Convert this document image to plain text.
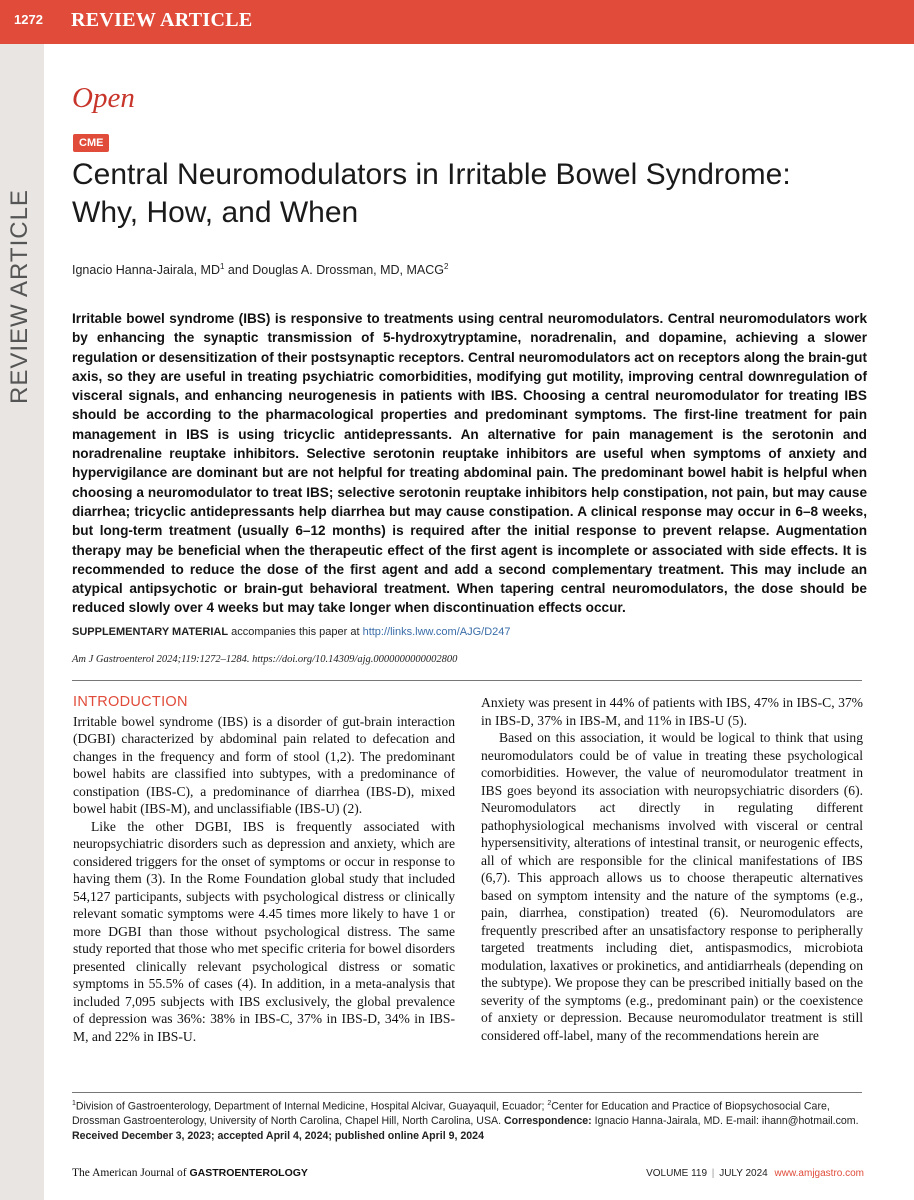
1272 REVIEW ARTICLE
REVIEW ARTICLE
Open
CME
Central Neuromodulators in Irritable Bowel Syndrome:
Why, How, and When
Ignacio Hanna-Jairala, $MD^1$ and Douglas A. Drossman, MD, MACG$^2$

Irritable bowel syndrome (IBS) is responsive to treatments using central neuromodulators. Central neuromodulators work by enhancing the synaptic transmission of 5-hydroxytryptamine, noradrenalin, and dopamine, achieving a slower regulation or desensitization of their postsynaptic receptors. Central neuromodulators act on receptors along the brain-gut axis, so they are useful in treating psychiatric comorbidities, modifying gut motility, improving central downregulation of visceral signals, and enhancing neurogenesis in patients with IBS. Choosing a central neuromodulator for treating IBS should be according to the pharmacological properties and predominant symptoms. The first-line treatment for pain management in IBS is using tricyclic antidepressants. An alternative for pain management is the serotonin and noradrenaline reuptake inhibitors. Selective serotonin reuptake inhibitors are useful when symptoms of anxiety and hypervigilance are dominant but are not helpful for treating abdominal pain. The predominant bowel habit is helpful when choosing a neuromodulator to treat IBS; selective serotonin reuptake inhibitors help constipation, not pain, but may cause diarrhea; tricyclic antidepressants help diarrhea but may cause constipation. A clinical response may occur in 6–8 weeks, but long-term treatment (usually 6–12 months) is required after the initial response to prevent relapse. Augmentation therapy may be beneficial when the therapeutic effect of the first agent is incomplete or associated with side effects. It is recommended to reduce the dose of the first agent and add a second complementary treatment. This may include an atypical antipsychotic or brain-gut behavioral treatment. When tapering central neuromodulators, the dose should be reduced slowly over 4 weeks but may take longer when discontinuation effects occur.

SUPPLEMENTARY MATERIAL accompanies this paper at http://links.lww.com/AJG/D247
Am J Gastroenterol 2024;119:1272–1284. https://doi.org/10.14309/ajg.0000000000002800
INTRODUCTION

Irritable bowel syndrome (IBS) is a disorder of gut-brain interaction (DGBI) characterized by abdominal pain related to defecation and changes in the frequency and form of stool (1,2). The predominant bowel habits are classified into subtypes, with a predominance of constipation (IBS-C), a predominance of diarrhea (IBS-D), mixed bowel habit (IBS-M), and unclassifiable (IBS-U) (2).

Like the other DGBI, IBS is frequently associated with neuropsychiatric disorders such as depression and anxiety, which are considered triggers for the onset of symptoms or occur in response to having them (3). In the Rome Foundation global study that included 54,127 participants, subjects with psychological distress or clinically relevant somatic symptoms were 4.45 times more likely to have 1 or more DGBI than those without psychological distress. The same study reported that those who met specific criteria for bowel disorders presented clinically relevant psychological distress or somatic symptoms in 55.5% of cases (4). In addition, in a meta-analysis that included 7,095 subjects with IBS exclusively, the global prevalence of depression was 36%: 38% in IBS-C, 37% in IBS-D, 34% in IBS-M, and 22% in IBS-U.

Anxiety was present in 44% of patients with IBS, 47% in IBS-C, 37% in IBS-D, 37% in IBS-M, and 11% in IBS-U (5).

Based on this association, it would be logical to think that using neuromodulators could be of value in treating these psychological comorbidities. However, the value of neuromodulator treatment in IBS goes beyond its association with neuropsychiatric disorders (6). Neuromodulators act directly in regulating different pathophysiological mechanisms involved with visceral or central hypersensitivity, alterations of intestinal transit, or neurogenic effects, all of which are responsible for the clinical manifestations of IBS (6,7). This approach allows us to choose therapeutic alternatives based on symptom intensity and the nature of the symptoms (e.g., pain, diarrhea, constipation) treated (6). Neuromodulators are frequently prescribed after an unsatisfactory response to peripherally targeted treatments including diet, antispasmodics, microbiota modulation, laxatives or prokinetics, and antidiarrheals (depending on the subtype). We propose they can be prescribed initially based on the severity of the symptoms (e.g., predominant pain) or the coexistence of anxiety or depression. Because neuromodulator treatment is still considered off-label, many of the recommendations herein are

$^1$Division of Gastroenterology, Department of Internal Medicine, Hospital Alcivar, Guayaquil, Ecuador; $^2$Center for Education and Practice of Biopsychosocial Care, Drossman Gastroenterology, University of North Carolina, Chapel Hill, North Carolina, USA. Correspondence: Ignacio Hanna-Jairala, MD. E-mail: ihann@hotmail.com.
Received December 3, 2023; accepted April 4, 2024; published online April 9, 2024
The American Journal of GASTROENTEROLOGY	VOLUME 119 | JULY 2024 www.amjgastro.com
